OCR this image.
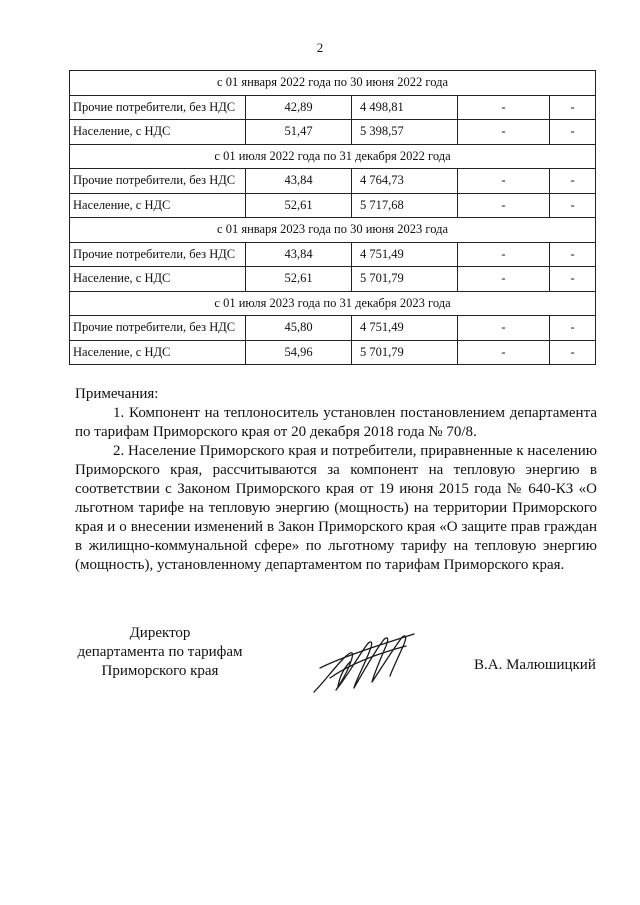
2
с 01 января 2022 года по 30 июня 2022 года				
Прочие потребители, без НДС	42,89	4 498,81	-	-
Население, с НДС	51,47	5 398,57	-	-
с 01 июля 2022 года по 31 декабря 2022 года				
Прочие потребители, без НДС	43,84	4 764,73	-	-
Население, с НДС	52,61	5 717,68	-	-
с 01 января 2023 года по 30 июня 2023 года				
Прочие потребители, без НДС	43,84	4 751,49	-	-
Население, с НДС	52,61	5 701,79	-	-
с 01 июля 2023 года по 31 декабря 2023 года				
Прочие потребители, без НДС	45,80	4 751,49	-	-
Население, с НДС	54,96	5 701,79	-	-

Примечания:

1. Компонент на теплоноситель установлен постановлением департамента по тарифам Приморского края от 20 декабря 2018 года № 70/8.

2. Население Приморского края и потребители, приравненные к населению Приморского края, рассчитываются за компонент на тепловую энергию в соответствии с Законом Приморского края от 19 июня 2015 года № 640-КЗ «О льготном тарифе на тепловую энергию (мощность) на территории Приморского края и о внесении изменений в Закон Приморского края «О защите прав граждан в жилищно-коммунальной сфере» по льготному тарифу на тепловую энергию (мощность), установленному департаментом по тарифам Приморского края.

Директор
департамента по тарифам
Приморского края	В.А. Малюшицкий
